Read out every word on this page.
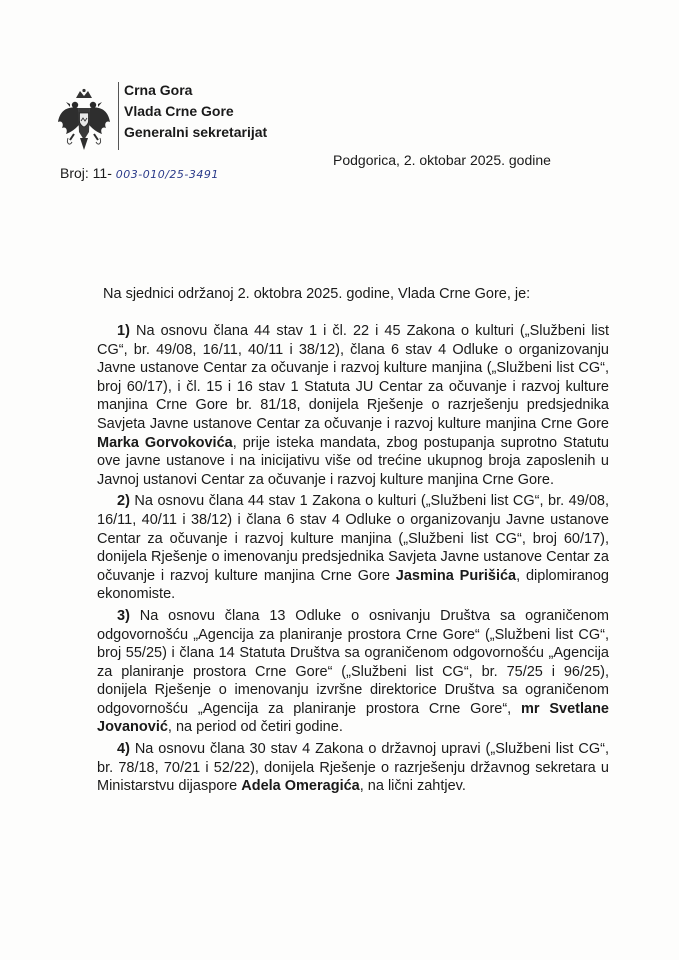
Crna Gora
Vlada Crne Gore
Generalni sekretarijat
Broj: 11- 003-010/25-3491
Podgorica, 2. oktobar 2025. godine
Na sjednici održanoj 2. oktobra 2025. godine, Vlada Crne Gore, je:

1) Na osnovu člana 44 stav 1 i čl. 22 i 45 Zakona o kulturi („Službeni list CG“, br. 49/08, 16/11, 40/11 i 38/12), člana 6 stav 4 Odluke o organizovanju Javne ustanove Centar za očuvanje i razvoj kulture manjina („Službeni list CG“, broj 60/17), i čl. 15 i 16 stav 1 Statuta JU Centar za očuvanje i razvoj kulture manjina Crne Gore br. 81/18, donijela Rješenje o razrješenju predsjednika Savjeta Javne ustanove Centar za očuvanje i razvoj kulture manjina Crne Gore Marka Gorvokovića, prije isteka mandata, zbog postupanja suprotno Statutu ove javne ustanove i na inicijativu više od trećine ukupnog broja zaposlenih u Javnoj ustanovi Centar za očuvanje i razvoj kulture manjina Crne Gore.

2) Na osnovu člana 44 stav 1 Zakona o kulturi („Službeni list CG“, br. 49/08, 16/11, 40/11 i 38/12) i člana 6 stav 4 Odluke o organizovanju Javne ustanove Centar za očuvanje i razvoj kulture manjina („Službeni list CG“, broj 60/17), donijela Rješenje o imenovanju predsjednika Savjeta Javne ustanove Centar za očuvanje i razvoj kulture manjina Crne Gore Jasmina Purišića, diplomiranog ekonomiste.

3) Na osnovu člana 13 Odluke o osnivanju Društva sa ograničenom odgovornošću „Agencija za planiranje prostora Crne Gore“ („Službeni list CG“, broj 55/25) i člana 14 Statuta Društva sa ograničenom odgovornošću „Agencija za planiranje prostora Crne Gore“ („Službeni list CG“, br. 75/25 i 96/25), donijela Rješenje o imenovanju izvršne direktorice Društva sa ograničenom odgovornošću „Agencija za planiranje prostora Crne Gore“, mr Svetlane Jovanović, na period od četiri godine.

4) Na osnovu člana 30 stav 4 Zakona o državnoj upravi („Službeni list CG“, br. 78/18, 70/21 i 52/22), donijela Rješenje o razrješenju državnog sekretara u Ministarstvu dijaspore Adela Omeragića, na lični zahtjev.
